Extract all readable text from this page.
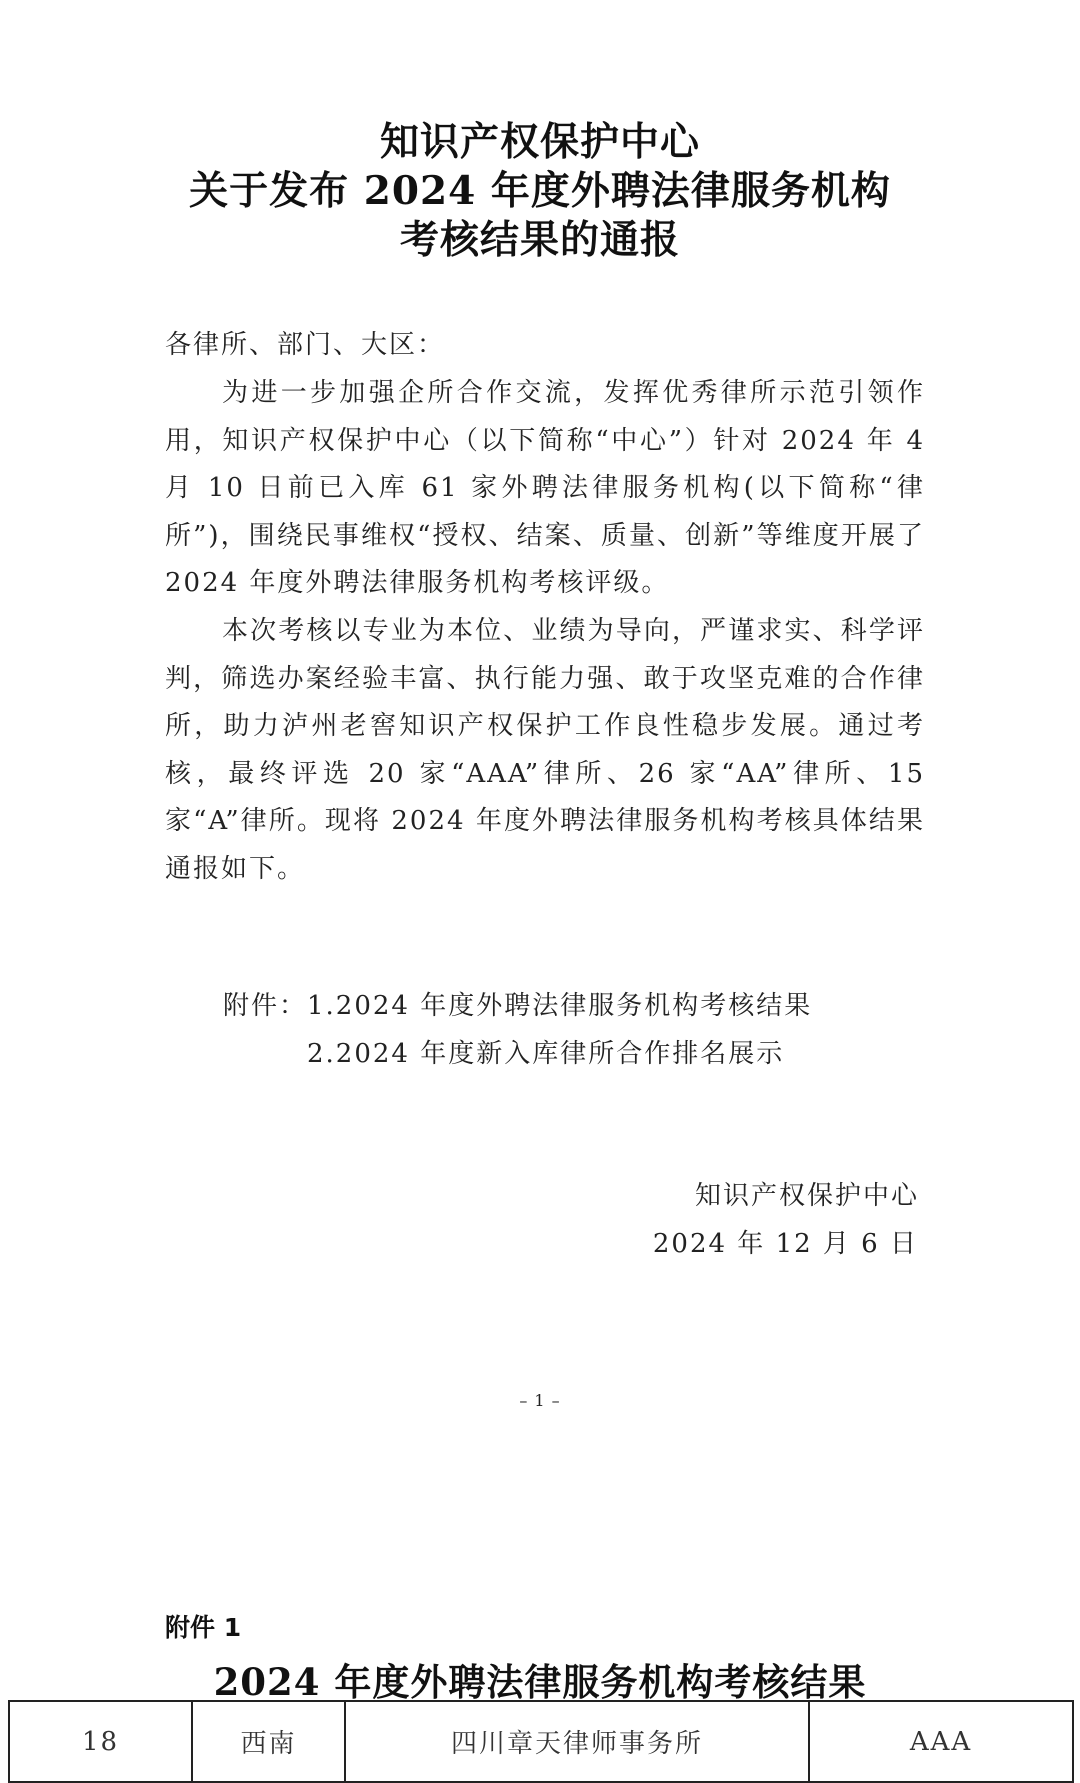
知识产权保护中心
关于发布 2024 年度外聘法律服务机构
考核结果的通报
各律所、部门、大区：
为进一步加强企所合作交流，发挥优秀律所示范引领作用，知识产权保护中心（以下简称“中心”）针对 2024 年 4 月 10 日前已入库 61 家外聘法律服务机构(以下简称“律所”)，围绕民事维权“授权、结案、质量、创新”等维度开展了 2024 年度外聘法律服务机构考核评级。
本次考核以专业为本位、业绩为导向，严谨求实、科学评判，筛选办案经验丰富、执行能力强、敢于攻坚克难的合作律所，助力泸州老窖知识产权保护工作良性稳步发展。通过考核，最终评选 20 家“AAA”律所、26 家“AA”律所、15 家“A”律所。现将 2024 年度外聘法律服务机构考核具体结果通报如下。
附件：1.2024 年度外聘法律服务机构考核结果
2.2024 年度新入库律所合作排名展示
知识产权保护中心
2024 年 12 月 6 日
– 1 –
附件 1
2024 年度外聘法律服务机构考核结果
18	西南	四川章天律师事务所	AAA
